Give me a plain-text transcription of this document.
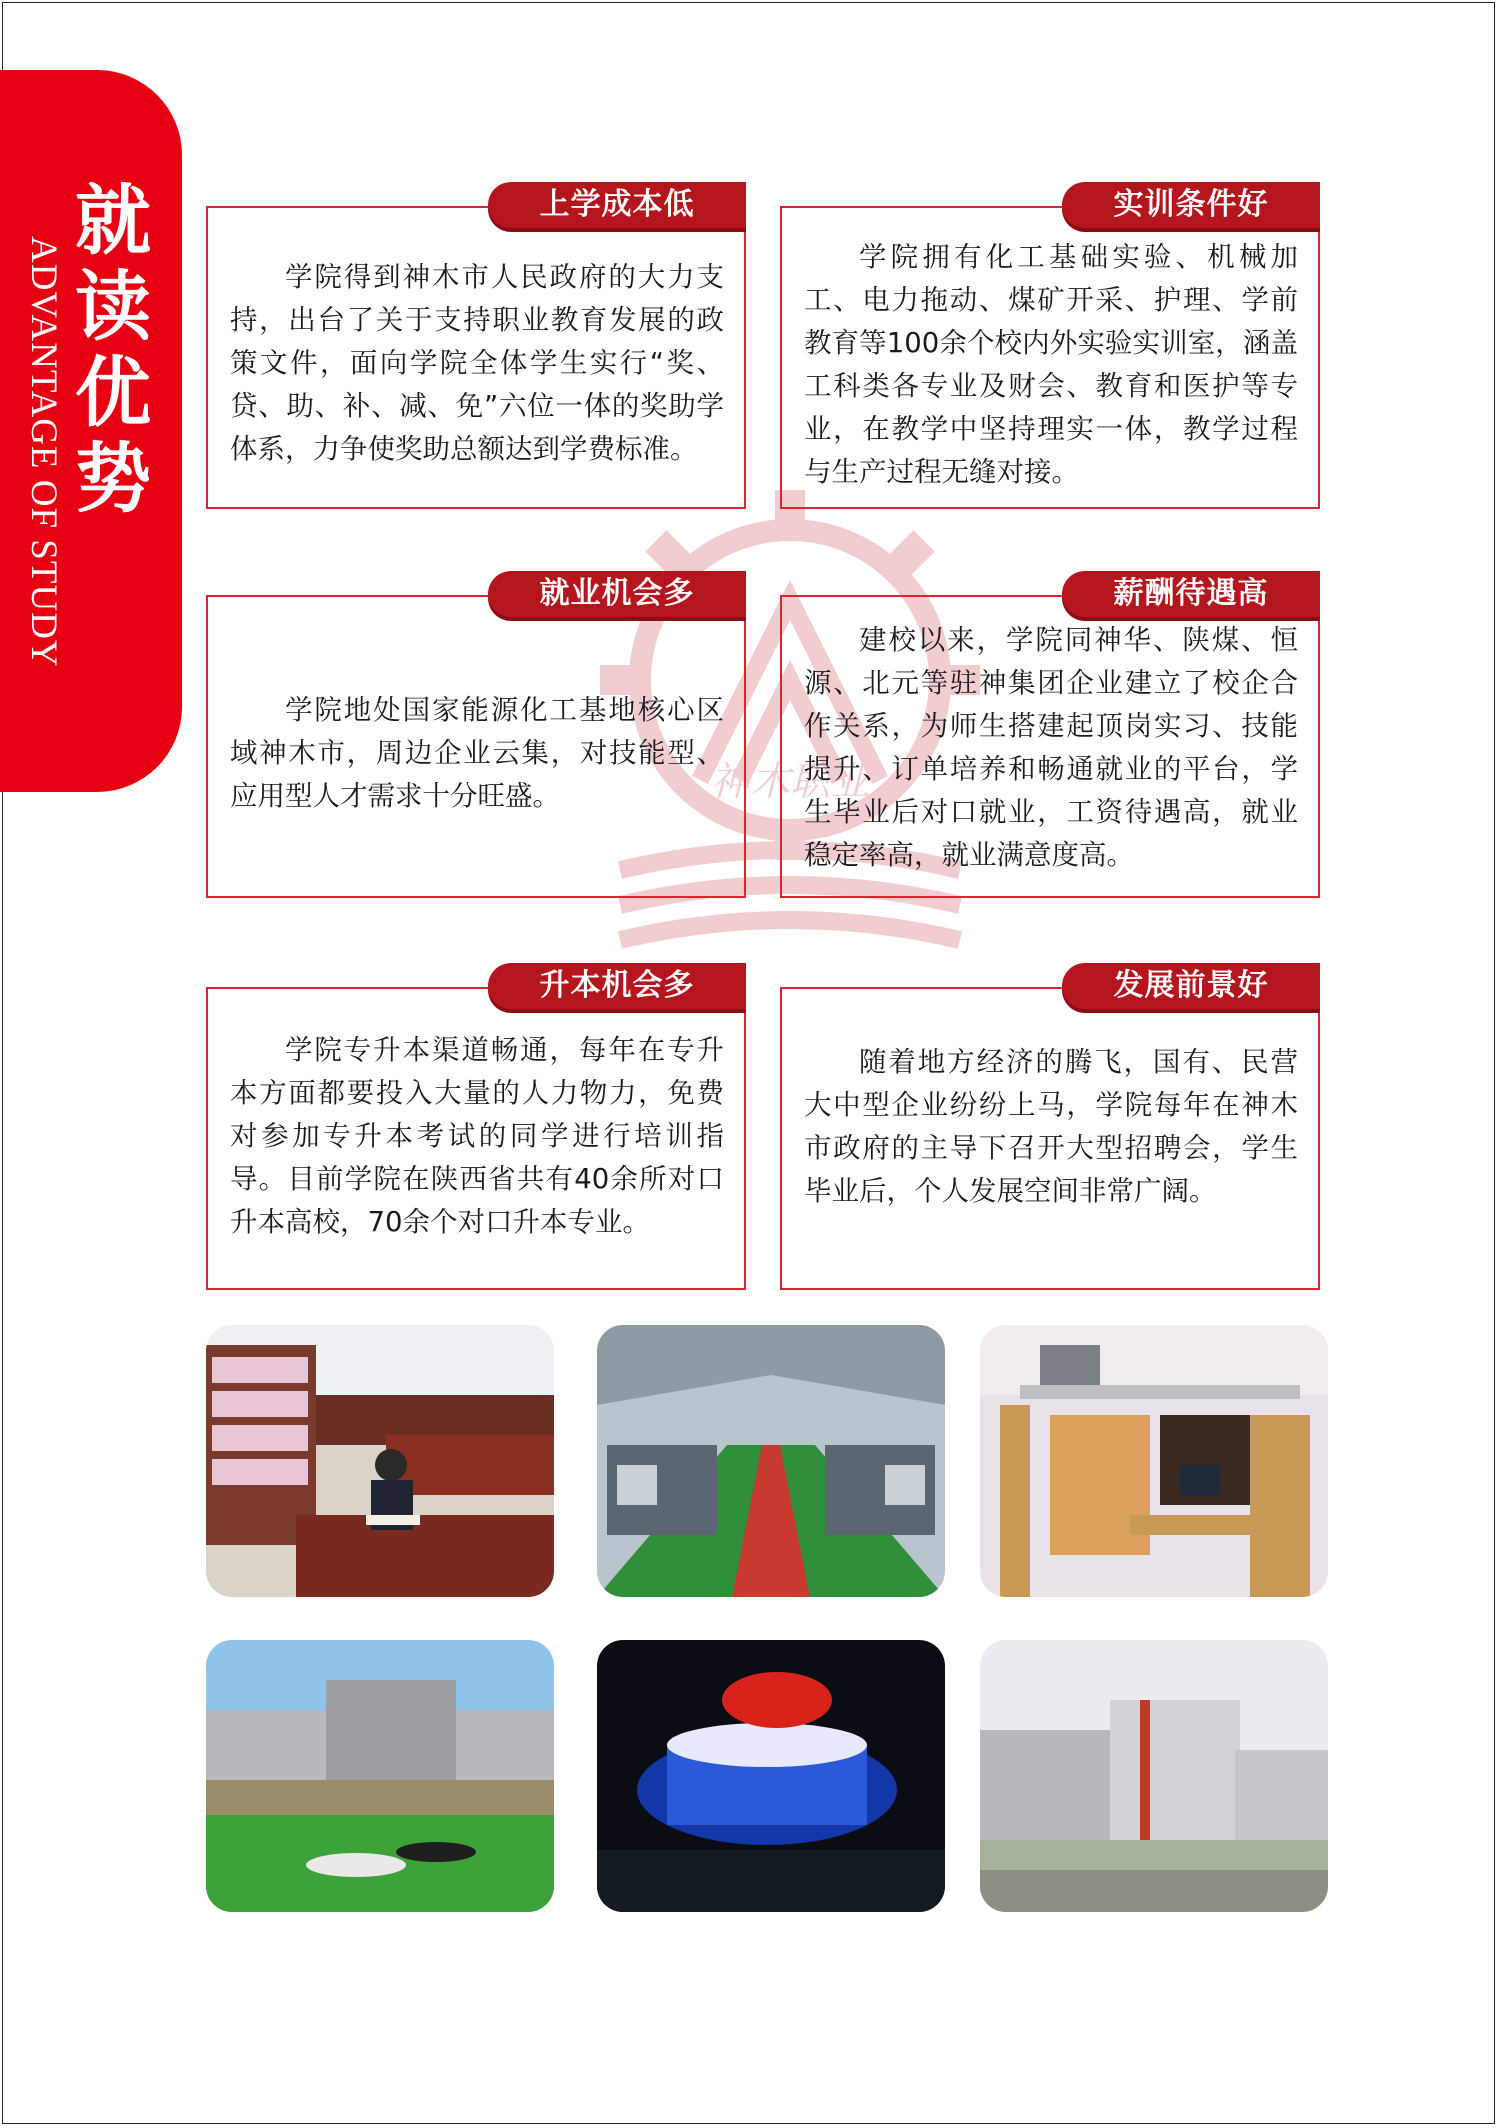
就
读
优
势
ADVANTAGE OF STUDY
神木职业
上学成本低
学院得到神木市人民政府的大力支持，出台了关于支持职业教育发展的政策文件，面向学院全体学生实行“奖、贷、助、补、减、免”六位一体的奖助学体系，力争使奖助总额达到学费标准。
实训条件好
学院拥有化工基础实验、机械加工、电力拖动、煤矿开采、护理、学前教育等100余个校内外实验实训室，涵盖工科类各专业及财会、教育和医护等专业，在教学中坚持理实一体，教学过程与生产过程无缝对接。
就业机会多
学院地处国家能源化工基地核心区域神木市，周边企业云集，对技能型、应用型人才需求十分旺盛。
薪酬待遇高
建校以来，学院同神华、陕煤、恒源、北元等驻神集团企业建立了校企合作关系，为师生搭建起顶岗实习、技能提升、订单培养和畅通就业的平台，学生毕业后对口就业，工资待遇高，就业稳定率高，就业满意度高。
升本机会多
学院专升本渠道畅通，每年在专升本方面都要投入大量的人力物力，免费对参加专升本考试的同学进行培训指导。目前学院在陕西省共有40余所对口升本高校，70余个对口升本专业。
发展前景好
随着地方经济的腾飞，国有、民营大中型企业纷纷上马，学院每年在神木市政府的主导下召开大型招聘会，学生毕业后，个人发展空间非常广阔。
